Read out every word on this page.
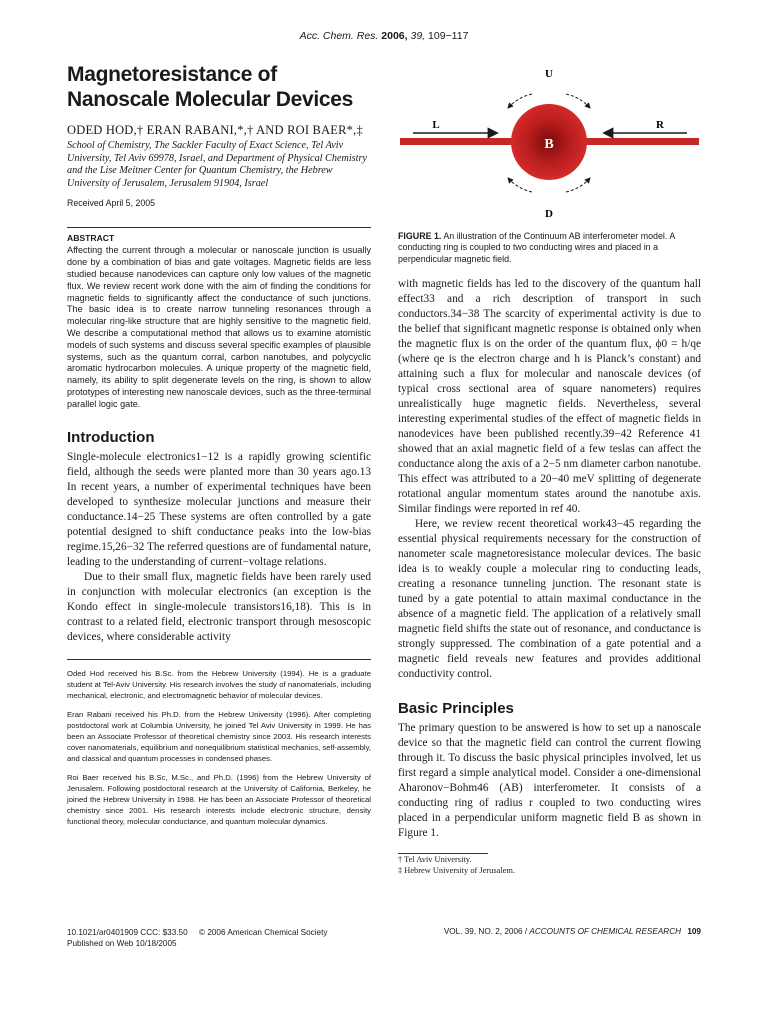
Acc. Chem. Res. 2006, 39, 109−117
Magnetoresistance of Nanoscale Molecular Devices
ODED HOD,† ERAN RABANI,*,† AND ROI BAER*,‡
School of Chemistry, The Sackler Faculty of Exact Science, Tel Aviv University, Tel Aviv 69978, Israel, and Department of Physical Chemistry and the Lise Meitner Center for Quantum Chemistry, the Hebrew University of Jerusalem, Jerusalem 91904, Israel
Received April 5, 2005
ABSTRACT
Affecting the current through a molecular or nanoscale junction is usually done by a combination of bias and gate voltages. Magnetic fields are less studied because nanodevices can capture only low values of the magnetic flux. We review recent work done with the aim of finding the conditions for magnetic fields to significantly affect the conductance of such junctions. The basic idea is to create narrow tunneling resonances through a molecular ring-like structure that are highly sensitive to the magnetic field. We describe a computational method that allows us to examine atomistic models of such systems and discuss several specific examples of plausible systems, such as the quantum corral, carbon nanotubes, and polycyclic aromatic hydrocarbon molecules. A unique property of the magnetic field, namely, its ability to split degenerate levels on the ring, is shown to allow prototypes of interesting new nanoscale devices, such as the three-terminal parallel logic gate.
Introduction

Single-molecule electronics1−12 is a rapidly growing scientific field, although the seeds were planted more than 30 years ago.13 In recent years, a number of experimental techniques have been developed to synthesize molecular junctions and measure their conductance.14−25 These systems are often controlled by a gate potential designed to shift conductance peaks into the low-bias regime.15,26−32 The referred questions are of fundamental nature, leading to the understanding of current−voltage relations.

Due to their small flux, magnetic fields have been rarely used in conjunction with molecular electronics (an exception is the Kondo effect in single-molecule transistors16,18). This is in contrast to a related field, electronic transport through mesoscopic devices, where considerable activity

Oded Hod received his B.Sc. from the Hebrew University (1994). He is a graduate student at Tel-Aviv University. His research involves the study of nanomaterials, including mechanical, electronic, and electromagnetic behavior of molecular devices.
Eran Rabani received his Ph.D. from the Hebrew University (1996). After completing postdoctoral work at Columbia University, he joined Tel Aviv University in 1999. He has been an Associate Professor of theoretical chemistry since 2003. His research interests cover nanomaterials, equilibrium and nonequilibrium statistical mechanics, self-assembly, and classical and quantum processes in condensed phases.
Roi Baer received his B.Sc, M.Sc., and Ph.D. (1996) from the Hebrew University of Jerusalem. Following postdoctoral research at the University of California, Berkeley, he joined the Hebrew University in 1998. He has been an Associate Professor of theoretical chemistry since 2001. His research interests include electronic structure, density functional theory, molecular conductance, and quantum molecular dynamics.
U
D
L	R
B
FIGURE 1. An illustration of the Continuum AB interferometer model. A conducting ring is coupled to two conducting wires and placed in a perpendicular magnetic field.

with magnetic fields has led to the discovery of the quantum hall effect33 and a rich description of transport in such conductors.34−38 The scarcity of experimental activity is due to the belief that significant magnetic response is obtained only when the magnetic flux is on the order of the quantum flux, ϕ0 = h/qe (where qe is the electron charge and h is Planck’s constant) and attaining such a flux for molecular and nanoscale devices (of typical cross sectional area of square nanometers) requires unrealistically huge magnetic fields. Nevertheless, several interesting experimental studies of the effect of magnetic fields in nanodevices have been published recently.39−42 Reference 41 showed that an axial magnetic field of a few teslas can affect the conductance along the axis of a 2−5 nm diameter carbon nanotube. This effect was attributed to a 20−40 meV splitting of degenerate rotational angular momentum states around the nanotube axis. Similar findings were reported in ref 40.

Here, we review recent theoretical work43−45 regarding the essential physical requirements necessary for the construction of nanometer scale magnetoresistance molecular devices. The basic idea is to weakly couple a molecular ring to conducting leads, creating a resonance tunneling junction. The resonant state is tuned by a gate potential to attain maximal conductance in the absence of a magnetic field. The application of a relatively small magnetic field shifts the state out of resonance, and conductance is strongly suppressed. The combination of a gate potential and a magnetic field reveals new features and provides additional conductivity control.

Basic Principles

The primary question to be answered is how to set up a nanoscale device so that the magnetic field can control the current flowing through it. To discuss the basic physical principles involved, let us first regard a simple analytical model. Consider a one-dimensional Aharonov−Bohm46 (AB) interferometer. It consists of a conducting ring of radius r coupled to two conducting wires placed in a perpendicular uniform magnetic field B as shown in Figure 1.

† Tel Aviv University.
‡ Hebrew University of Jerusalem.
10.1021/ar0401909 CCC: $33.50 © 2006 American Chemical Society
Published on Web 10/18/2005
VOL. 39, NO. 2, 2006 / ACCOUNTS OF CHEMICAL RESEARCH 109
